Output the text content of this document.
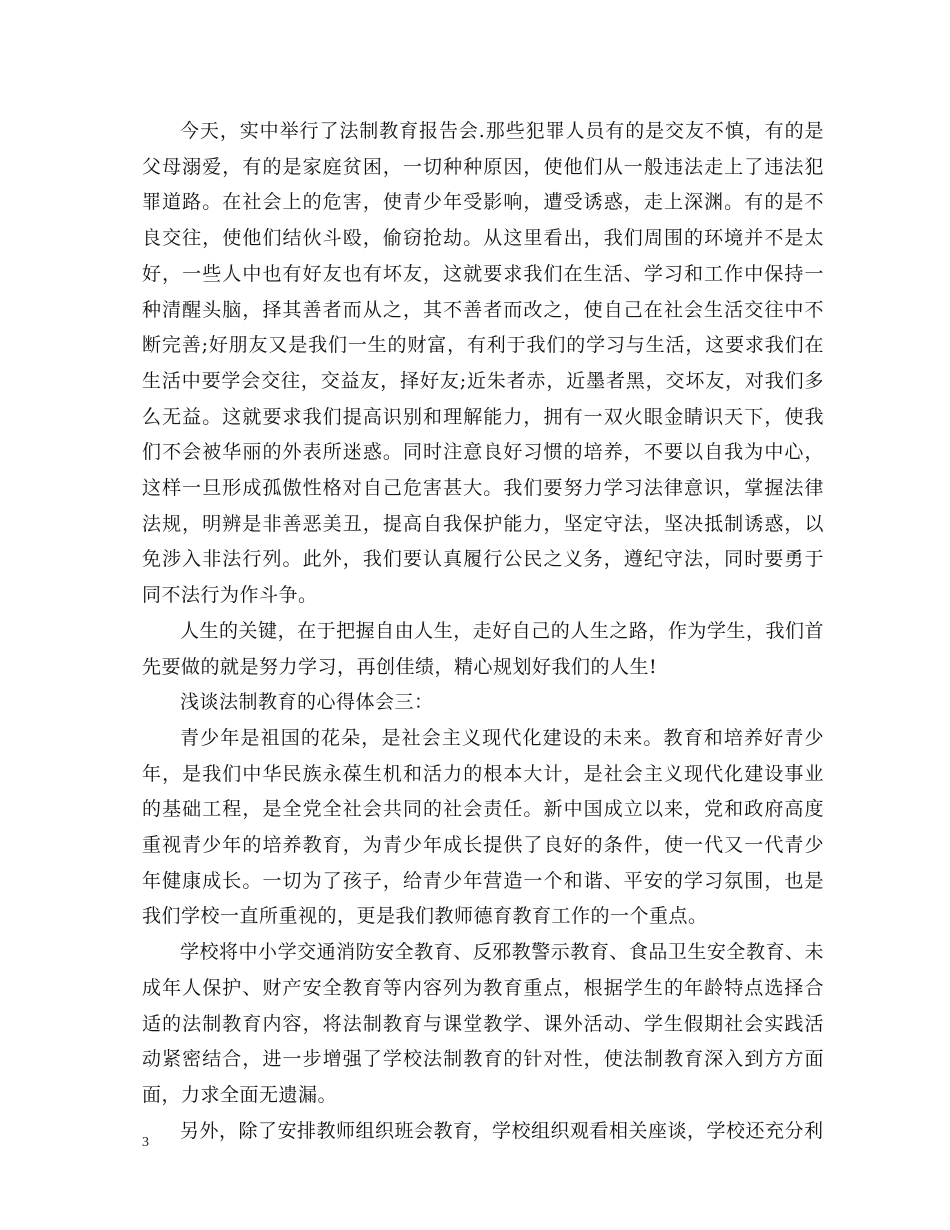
今天，实中举行了法制教育报告会.那些犯罪人员有的是交友不慎，有的是父母溺爱，有的是家庭贫困，一切种种原因，使他们从一般违法走上了违法犯罪道路。在社会上的危害，使青少年受影响，遭受诱惑，走上深渊。有的是不良交往，使他们结伙斗殴，偷窃抢劫。从这里看出，我们周围的环境并不是太好，一些人中也有好友也有坏友，这就要求我们在生活、学习和工作中保持一种清醒头脑，择其善者而从之，其不善者而改之，使自己在社会生活交往中不断完善;好朋友又是我们一生的财富，有利于我们的学习与生活，这要求我们在生活中要学会交往，交益友，择好友;近朱者赤，近墨者黑，交坏友，对我们多么无益。这就要求我们提高识别和理解能力，拥有一双火眼金睛识天下，使我们不会被华丽的外表所迷惑。同时注意良好习惯的培养，不要以自我为中心，这样一旦形成孤傲性格对自己危害甚大。我们要努力学习法律意识，掌握法律法规，明辨是非善恶美丑，提高自我保护能力，坚定守法，坚决抵制诱惑，以免涉入非法行列。此外，我们要认真履行公民之义务，遵纪守法，同时要勇于同不法行为作斗争。

人生的关键，在于把握自由人生，走好自己的人生之路，作为学生，我们首先要做的就是努力学习，再创佳绩，精心规划好我们的人生!

浅谈法制教育的心得体会三：

青少年是祖国的花朵，是社会主义现代化建设的未来。教育和培养好青少年，是我们中华民族永葆生机和活力的根本大计，是社会主义现代化建设事业的基础工程，是全党全社会共同的社会责任。新中国成立以来，党和政府高度重视青少年的培养教育，为青少年成长提供了良好的条件，使一代又一代青少年健康成长。一切为了孩子，给青少年营造一个和谐、平安的学习氛围，也是我们学校一直所重视的，更是我们教师德育教育工作的一个重点。

学校将中小学交通消防安全教育、反邪教警示教育、食品卫生安全教育、未成年人保护、财产安全教育等内容列为教育重点，根据学生的年龄特点选择合适的法制教育内容，将法制教育与课堂教学、课外活动、学生假期社会实践活动紧密结合，进一步增强了学校法制教育的针对性，使法制教育深入到方方面面，力求全面无遗漏。

另外，除了安排教师组织班会教育，学校组织观看相关座谈，学校还充分利

3
